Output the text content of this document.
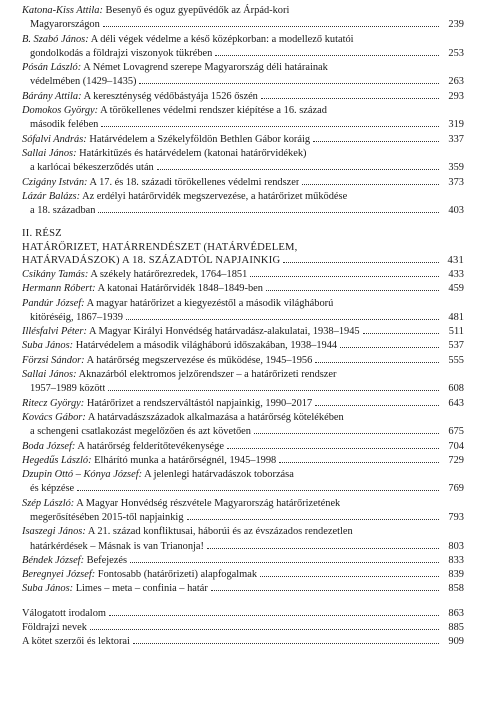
Katona-Kiss Attila: Besenyő és oguz gyepűvédők az Árpád-kori
Magyarországon	239
B. Szabó János: A déli végek védelme a késő középkorban: a modellező kutatói
gondolkodás a földrajzi viszonyok tükrében	253
Pósán László: A Német Lovagrend szerepe Magyarország déli határainak
védelmében (1429–1435)	263
Bárány Attila: A kereszténység védőbástyája 1526 őszén	293
Domokos György: A törökellenes védelmi rendszer kiépítése a 16. század
második felében	319
Sófalvi András: Határvédelem a Székelyföldön Bethlen Gábor koráig	337
Sallai János: Határkitűzés és határvédelem (katonai határőrvidékek)
a karlócai békeszerződés után	359
Czigány István: A 17. és 18. századi törökellenes védelmi rendszer	373
Lázár Balázs: Az erdélyi határőrvidék megszervezése, a határőrizet működése
a 18. században	403
II. RÉSZ
HATÁRŐRIZET, HATÁRRENDÉSZET (HATÁRVÉDELEM,
HATÁRVADÁSZOK) A 18. SZÁZADTÓL NAPJAINKIG	431
Csikány Tamás: A székely határőrezredek, 1764–1851	433
Hermann Róbert: A katonai Határőrvidék 1848–1849-ben	459
Pandúr József: A magyar határőrizet a kiegyezéstől a második világháború
kitöréséig, 1867–1939	481
Illésfalvi Péter: A Magyar Királyi Honvédség határvadász-alakulatai, 1938–1945	511
Suba János: Határvédelem a második világháború időszakában, 1938–1944	537
Förzsi Sándor: A határőrség megszervezése és működése, 1945–1956	555
Sallai János: Aknazárból elektromos jelzőrendszer – a határőrizeti rendszer
1957–1989 között	608
Ritecz György: Határőrizet a rendszerváltástól napjainkig, 1990–2017	643
Kovács Gábor: A határvadászszázadok alkalmazása a határőrség kötelékében
a schengeni csatlakozást megelőzően és azt követően	675
Boda József: A határőrség felderítőtevékenysége	704
Hegedűs László: Elhárító munka a határőrségnél, 1945–1998	729
Dzupin Ottó – Kónya József: A jelenlegi határvadászok toborzása
és képzése	769
Szép László: A Magyar Honvédség részvétele Magyarország határőrizetének
megerősítésében 2015-től napjainkig	793
Isaszegi János: A 21. század konfliktusai, háborúi és az évszázados rendezetlen
határkérdések – Másnak is van Trianonja!	803
Béndek József: Befejezés	833
Beregnyei József: Fontosabb (határőrizeti) alapfogalmak	839
Suba János: Limes – meta – confinia – határ	858
Válogatott irodalom	863
Földrajzi nevek	885
A kötet szerzői és lektorai	909
